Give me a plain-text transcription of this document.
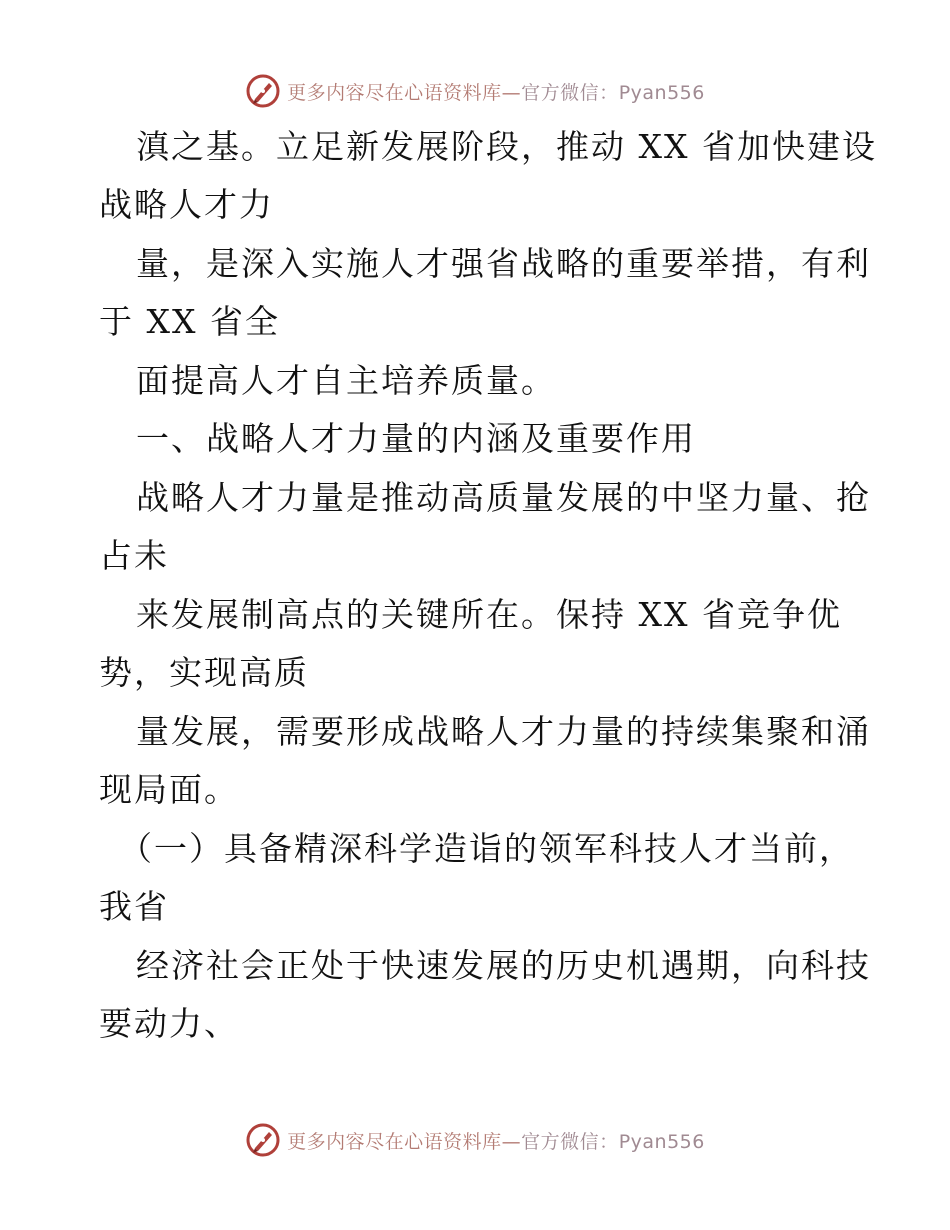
更多内容尽在心语资料库—官方微信：Pyan556
滇之基。立足新发展阶段，推动 XX 省加快建设
战略人才力
量，是深入实施人才强省战略的重要举措，有利
于 XX 省全
面提高人才自主培养质量。
一、战略人才力量的内涵及重要作用
战略人才力量是推动高质量发展的中坚力量、抢
占未
来发展制高点的关键所在。保持 XX 省竞争优
势，实现高质
量发展，需要形成战略人才力量的持续集聚和涌
现局面。
（一）具备精深科学造诣的领军科技人才当前，
我省
经济社会正处于快速发展的历史机遇期，向科技
要动力、
更多内容尽在心语资料库—官方微信：Pyan556
